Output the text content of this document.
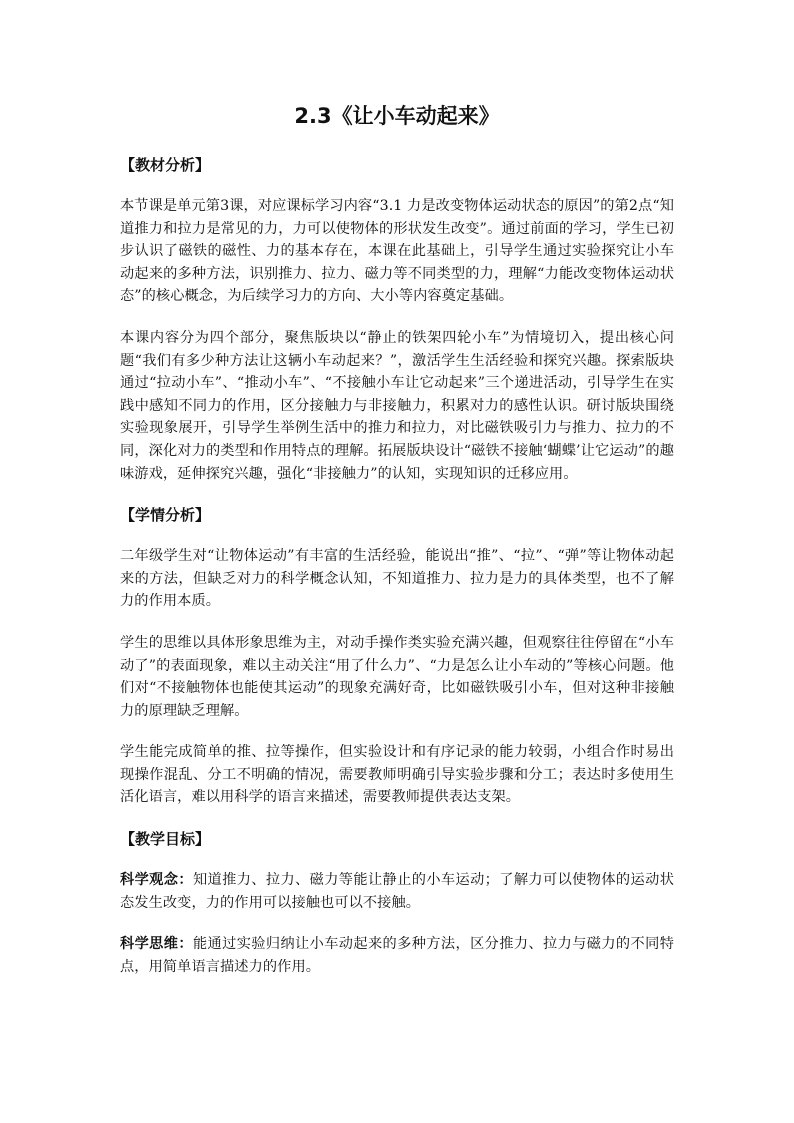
2.3《让小车动起来》
【教材分析】

本节课是单元第3课，对应课标学习内容“3.1 力是改变物体运动状态的原因”的第2点“知道推力和拉力是常见的力，力可以使物体的形状发生改变”。通过前面的学习，学生已初步认识了磁铁的磁性、力的基本存在，本课在此基础上，引导学生通过实验探究让小车动起来的多种方法，识别推力、拉力、磁力等不同类型的力，理解“力能改变物体运动状态”的核心概念，为后续学习力的方向、大小等内容奠定基础。

本课内容分为四个部分，聚焦版块以“静止的铁架四轮小车”为情境切入，提出核心问题“我们有多少种方法让这辆小车动起来？”，激活学生生活经验和探究兴趣。探索版块通过“拉动小车”、“推动小车”、“不接触小车让它动起来”三个递进活动，引导学生在实践中感知不同力的作用，区分接触力与非接触力，积累对力的感性认识。研讨版块围绕实验现象展开，引导学生举例生活中的推力和拉力，对比磁铁吸引力与推力、拉力的不同，深化对力的类型和作用特点的理解。拓展版块设计“磁铁不接触‘蝴蝶’让它运动”的趣味游戏，延伸探究兴趣，强化“非接触力”的认知，实现知识的迁移应用。

【学情分析】

二年级学生对“让物体运动”有丰富的生活经验，能说出“推”、“拉”、“弹”等让物体动起来的方法，但缺乏对力的科学概念认知，不知道推力、拉力是力的具体类型，也不了解力的作用本质。

学生的思维以具体形象思维为主，对动手操作类实验充满兴趣，但观察往往停留在“小车动了”的表面现象，难以主动关注“用了什么力”、“力是怎么让小车动的”等核心问题。他们对“不接触物体也能使其运动”的现象充满好奇，比如磁铁吸引小车，但对这种非接触力的原理缺乏理解。

学生能完成简单的推、拉等操作，但实验设计和有序记录的能力较弱，小组合作时易出现操作混乱、分工不明确的情况，需要教师明确引导实验步骤和分工；表达时多使用生活化语言，难以用科学的语言来描述，需要教师提供表达支架。

【教学目标】

科学观念：知道推力、拉力、磁力等能让静止的小车运动；了解力可以使物体的运动状态发生改变，力的作用可以接触也可以不接触。

科学思维：能通过实验归纳让小车动起来的多种方法，区分推力、拉力与磁力的不同特点，用简单语言描述力的作用。
